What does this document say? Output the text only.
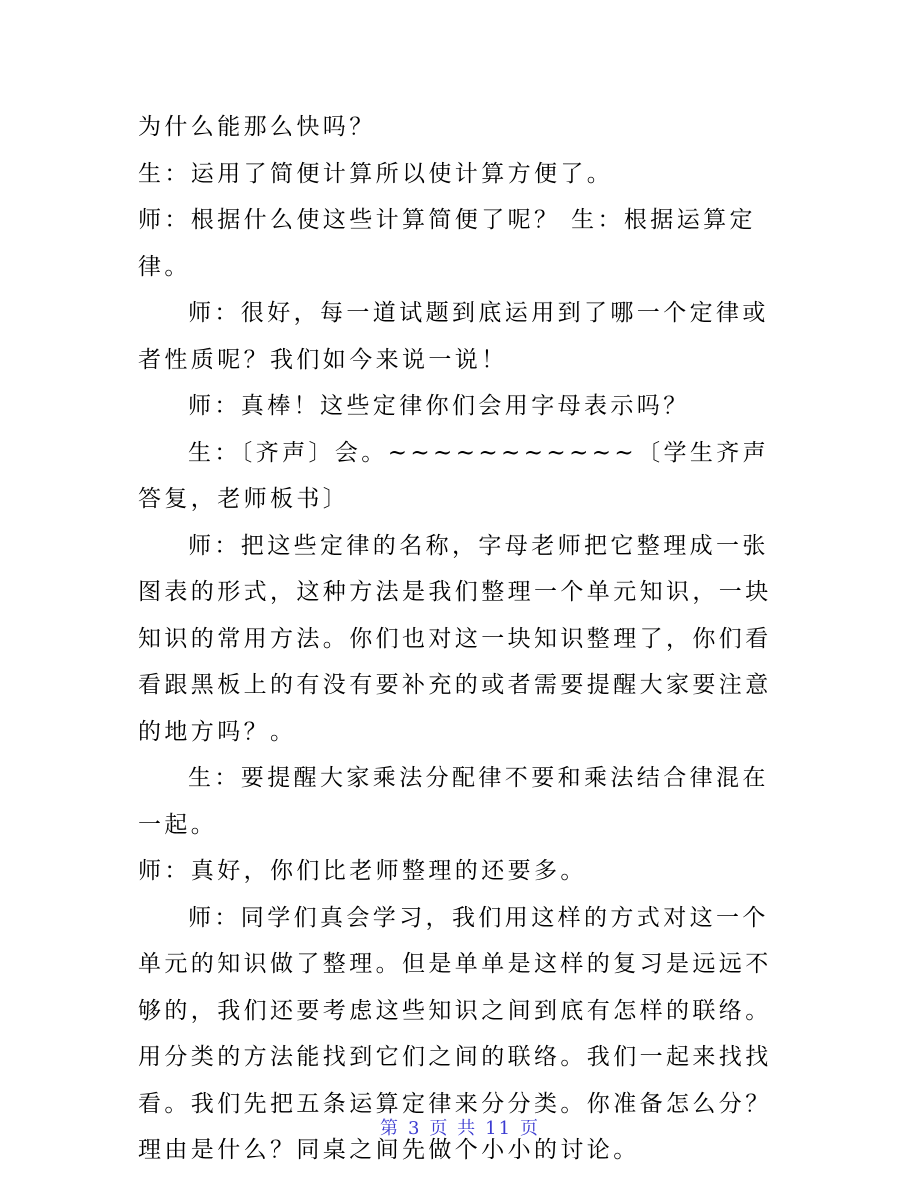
为什么能那么快吗？

生：运用了简便计算所以使计算方便了。

师：根据什么使这些计算简便了呢？ 生：根据运算定律。

师：很好，每一道试题到底运用到了哪一个定律或者性质呢？我们如今来说一说！

师：真棒！这些定律你们会用字母表示吗？

生：〔齐声〕会。~~~~~~~~~~~〔学生齐声答复，老师板书〕

师：把这些定律的名称，字母老师把它整理成一张图表的形式，这种方法是我们整理一个单元知识，一块知识的常用方法。你们也对这一块知识整理了，你们看看跟黑板上的有没有要补充的或者需要提醒大家要注意的地方吗？。

生：要提醒大家乘法分配律不要和乘法结合律混在一起。

师：真好，你们比老师整理的还要多。

师：同学们真会学习，我们用这样的方式对这一个单元的知识做了整理。但是单单是这样的复习是远远不够的，我们还要考虑这些知识之间到底有怎样的联络。用分类的方法能找到它们之间的联络。我们一起来找找看。我们先把五条运算定律来分分类。你准备怎么分？理由是什么？同桌之间先做个小小的讨论。

第 3 页 共 11 页
